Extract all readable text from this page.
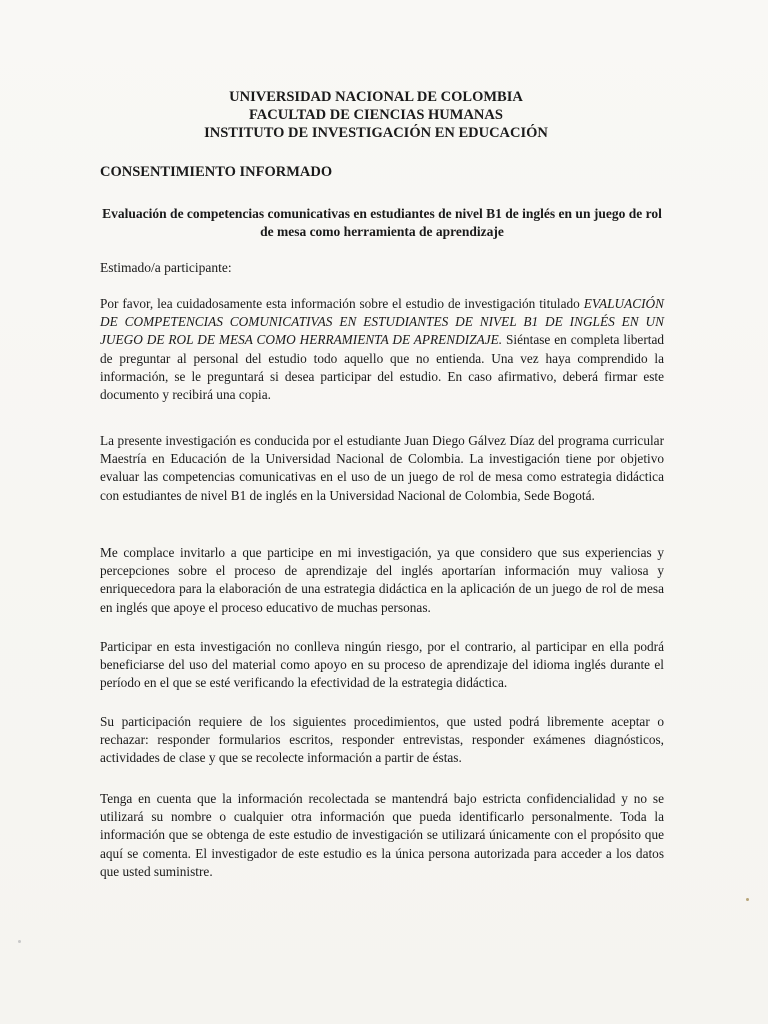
UNIVERSIDAD NACIONAL DE COLOMBIA
FACULTAD DE CIENCIAS HUMANAS
INSTITUTO DE INVESTIGACIÓN EN EDUCACIÓN
CONSENTIMIENTO INFORMADO
Evaluación de competencias comunicativas en estudiantes de nivel B1 de inglés en un juego de rol de mesa como herramienta de aprendizaje
Estimado/a participante:
Por favor, lea cuidadosamente esta información sobre el estudio de investigación titulado EVALUACIÓN DE COMPETENCIAS COMUNICATIVAS EN ESTUDIANTES DE NIVEL B1 DE INGLÉS EN UN JUEGO DE ROL DE MESA COMO HERRAMIENTA DE APRENDIZAJE. Siéntase en completa libertad de preguntar al personal del estudio todo aquello que no entienda. Una vez haya comprendido la información, se le preguntará si desea participar del estudio. En caso afirmativo, deberá firmar este documento y recibirá una copia.
La presente investigación es conducida por el estudiante Juan Diego Gálvez Díaz del programa curricular Maestría en Educación de la Universidad Nacional de Colombia. La investigación tiene por objetivo evaluar las competencias comunicativas en el uso de un juego de rol de mesa como estrategia didáctica con estudiantes de nivel B1 de inglés en la Universidad Nacional de Colombia, Sede Bogotá.
Me complace invitarlo a que participe en mi investigación, ya que considero que sus experiencias y percepciones sobre el proceso de aprendizaje del inglés aportarían información muy valiosa y enriquecedora para la elaboración de una estrategia didáctica en la aplicación de un juego de rol de mesa en inglés que apoye el proceso educativo de muchas personas.
Participar en esta investigación no conlleva ningún riesgo, por el contrario, al participar en ella podrá beneficiarse del uso del material como apoyo en su proceso de aprendizaje del idioma inglés durante el período en el que se esté verificando la efectividad de la estrategia didáctica.
Su participación requiere de los siguientes procedimientos, que usted podrá libremente aceptar o rechazar: responder formularios escritos, responder entrevistas, responder exámenes diagnósticos, actividades de clase y que se recolecte información a partir de éstas.
Tenga en cuenta que la información recolectada se mantendrá bajo estricta confidencialidad y no se utilizará su nombre o cualquier otra información que pueda identificarlo personalmente. Toda la información que se obtenga de este estudio de investigación se utilizará únicamente con el propósito que aquí se comenta. El investigador de este estudio es la única persona autorizada para acceder a los datos que usted suministre.
